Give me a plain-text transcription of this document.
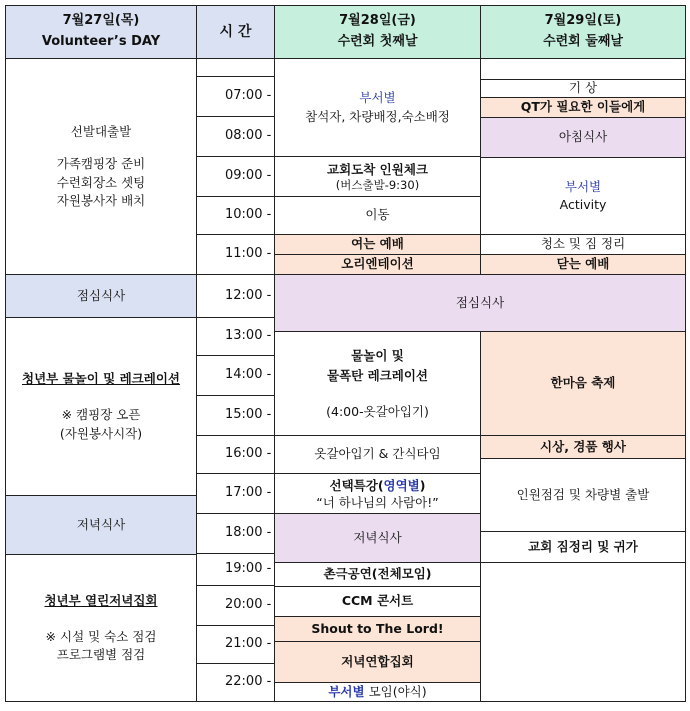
7월27일(목)
Volunteer’s DAY
시 간
7월28일(금)
수련회 첫째날
7월29일(토)
수련회 둘째날
선발대출발
가족캠핑장 준비
수련회장소 셋팅
자원봉사자 배치
점심식사
청년부 물놀이 및 레크레이션
※ 캠핑장 오픈
(자원봉사시작)
저녁식사
청년부 열린저녁집회
※ 시설 및 숙소 점검
프로그램별 점검
07:00 -
08:00 -
09:00 -
10:00 -
11:00 -
12:00 -
13:00 -
14:00 -
15:00 -
16:00 -
17:00 -
18:00 -
19:00 -
20:00 -
21:00 -
22:00 -
부서별
참석자, 차량배정,숙소배정
교회도착 인원체크
(버스출발-9:30)
이동
여는 예배
오리엔테이션
점심식사
물놀이 및
물폭탄 레크레이션
(4:00-옷갈아입기)
옷갈아입기 & 간식타임
선택특강(영역별)
“너 하나님의 사람아!”
저녁식사
촌극공연(전체모임)
CCM 콘서트
Shout to The Lord!
저녁연합집회
부서별 모임(야식)
기 상
QT가 필요한 이들에게
아침식사
부서별
Activity
청소 및 짐 정리
닫는 예배
한마음 축제
시상, 경품 행사
인원점검 및 차량별 출발
교회 짐정리 및 귀가
